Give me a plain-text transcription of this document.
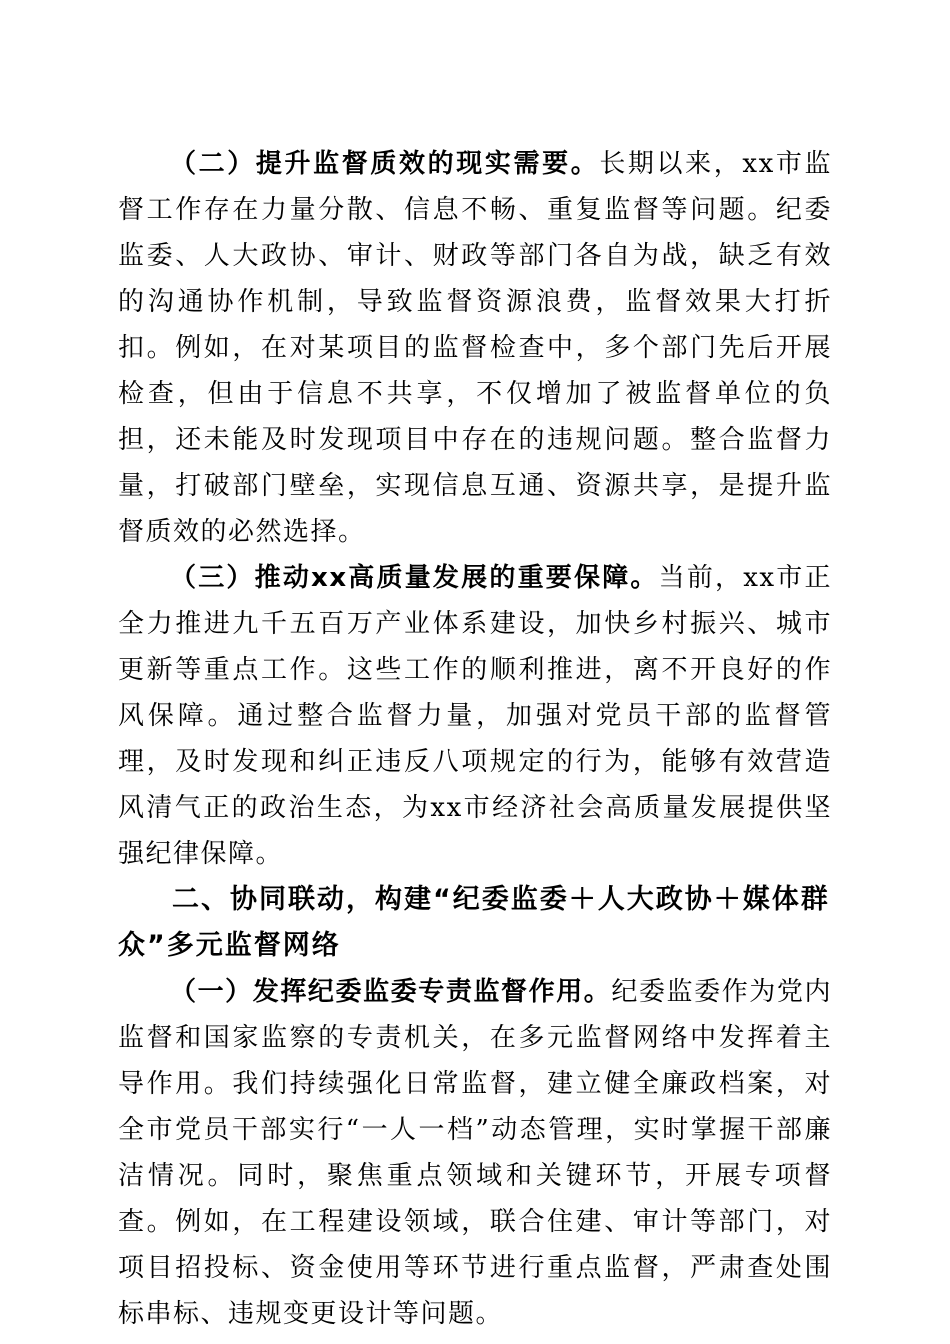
（二）提升监督质效的现实需要。长期以来，xx市监督工作存在力量分散、信息不畅、重复监督等问题。纪委监委、人大政协、审计、财政等部门各自为战，缺乏有效的沟通协作机制，导致监督资源浪费，监督效果大打折扣。例如，在对某项目的监督检查中，多个部门先后开展检查，但由于信息不共享，不仅增加了被监督单位的负担，还未能及时发现项目中存在的违规问题。整合监督力量，打破部门壁垒，实现信息互通、资源共享，是提升监督质效的必然选择。

（三）推动xx高质量发展的重要保障。当前，xx市正全力推进九千五百万产业体系建设，加快乡村振兴、城市更新等重点工作。这些工作的顺利推进，离不开良好的作风保障。通过整合监督力量，加强对党员干部的监督管理，及时发现和纠正违反八项规定的行为，能够有效营造风清气正的政治生态，为xx市经济社会高质量发展提供坚强纪律保障。

二、协同联动，构建“纪委监委＋人大政协＋媒体群众”多元监督网络

（一）发挥纪委监委专责监督作用。纪委监委作为党内监督和国家监察的专责机关，在多元监督网络中发挥着主导作用。我们持续强化日常监督，建立健全廉政档案，对全市党员干部实行“一人一档”动态管理，实时掌握干部廉洁情况。同时，聚焦重点领域和关键环节，开展专项督查。例如，在工程建设领域，联合住建、审计等部门，对项目招投标、资金使用等环节进行重点监督，严肃查处围标串标、违规变更设计等问题。
